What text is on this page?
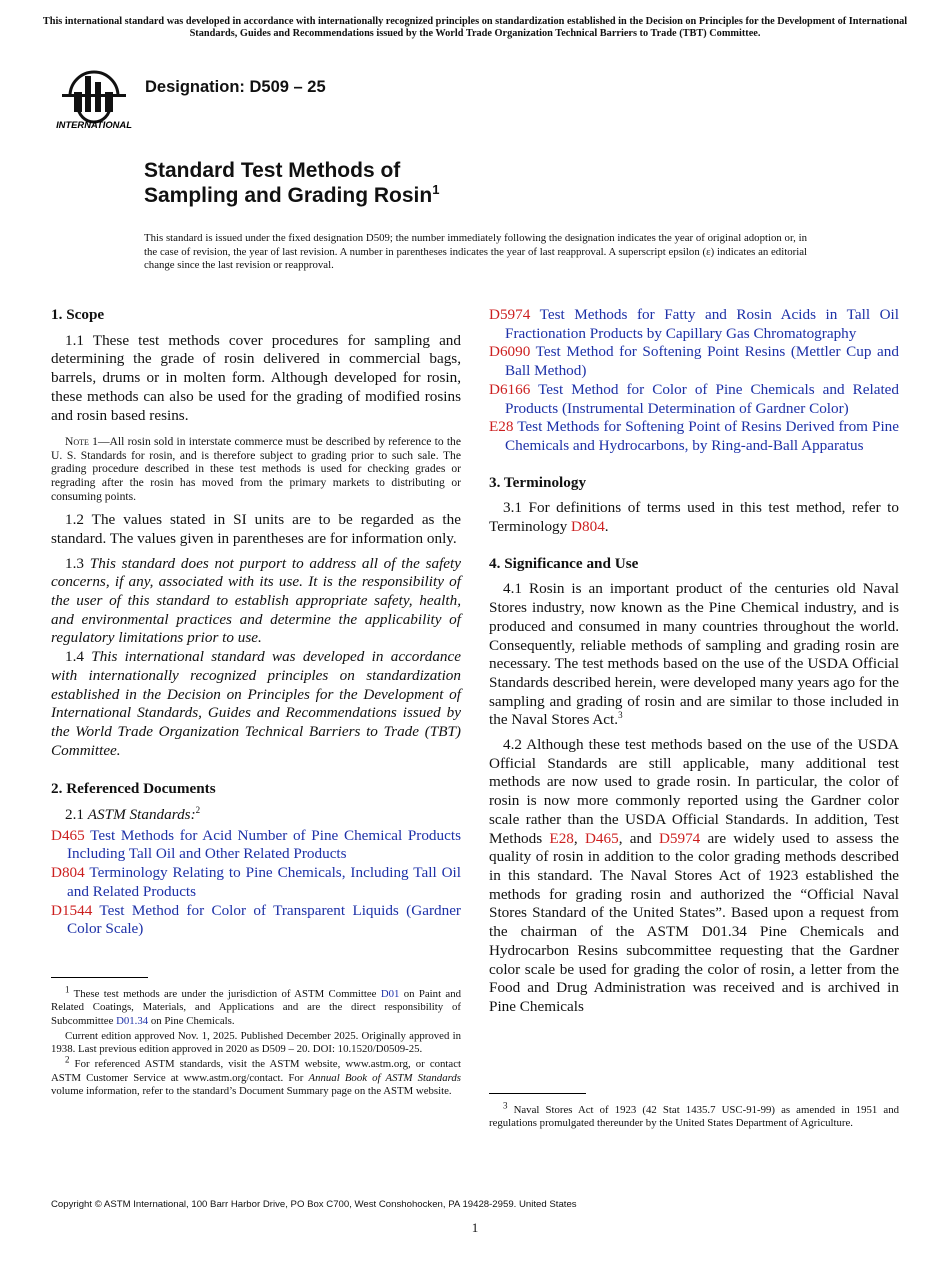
This international standard was developed in accordance with internationally recognized principles on standardization established in the Decision on Principles for the Development of International Standards, Guides and Recommendations issued by the World Trade Organization Technical Barriers to Trade (TBT) Committee.
INTERNATIONAL
Designation: D509 – 25
Standard Test Methods of
Sampling and Grading Rosin$^1$
This standard is issued under the fixed designation D509; the number immediately following the designation indicates the year of original adoption or, in the case of revision, the year of last revision. A number in parentheses indicates the year of last reapproval. A superscript epsilon (ε) indicates an editorial change since the last revision or reapproval.
1. Scope

1.1 These test methods cover procedures for sampling and determining the grade of rosin delivered in commercial bags, barrels, drums or in molten form. Although developed for rosin, these methods can also be used for the grading of modified rosins and rosin based resins.

Note 1—All rosin sold in interstate commerce must be described by reference to the U. S. Standards for rosin, and is therefore subject to grading prior to such sale. The grading procedure described in these test methods is used for checking grades or regrading after the rosin has moved from the primary markets to distributing or consuming points.

1.2 The values stated in SI units are to be regarded as the standard. The values given in parentheses are for information only.

1.3 This standard does not purport to address all of the safety concerns, if any, associated with its use. It is the responsibility of the user of this standard to establish appropriate safety, health, and environmental practices and determine the applicability of regulatory limitations prior to use.

1.4 This international standard was developed in accordance with internationally recognized principles on standardization established in the Decision on Principles for the Development of International Standards, Guides and Recommendations issued by the World Trade Organization Technical Barriers to Trade (TBT) Committee.

2. Referenced Documents

2.1 ASTM Standards:$^2$

D465 Test Methods for Acid Number of Pine Chemical Products Including Tall Oil and Other Related Products

D804 Terminology Relating to Pine Chemicals, Including Tall Oil and Related Products

D1544 Test Method for Color of Transparent Liquids (Gardner Color Scale)

D5974 Test Methods for Fatty and Rosin Acids in Tall Oil Fractionation Products by Capillary Gas Chromatography

D6090 Test Method for Softening Point Resins (Mettler Cup and Ball Method)

D6166 Test Method for Color of Pine Chemicals and Related Products (Instrumental Determination of Gardner Color)

E28 Test Methods for Softening Point of Resins Derived from Pine Chemicals and Hydrocarbons, by Ring-and-Ball Apparatus

3. Terminology

3.1 For definitions of terms used in this test method, refer to Terminology D804.

4. Significance and Use

4.1 Rosin is an important product of the centuries old Naval Stores industry, now known as the Pine Chemical industry, and is produced and consumed in many countries throughout the world. Consequently, reliable methods of sampling and grading rosin are necessary. The test methods based on the use of the USDA Official Standards described herein, were developed many years ago for the sampling and grading of rosin and are similar to those included in the Naval Stores Act.$^3$

4.2 Although these test methods based on the use of the USDA Official Standards are still applicable, many additional test methods are now used to grade rosin. In particular, the color of rosin is now more commonly reported using the Gardner color scale rather than the USDA Official Standards. In addition, Test Methods E28, D465, and D5974 are widely used to assess the quality of rosin in addition to the color grading methods described in this standard. The Naval Stores Act of 1923 established the methods for grading rosin and authorized the “Official Naval Stores Standard of the United States”. Based upon a request from the chairman of the ASTM D01.34 Pine Chemicals and Hydrocarbon Resins subcommittee requesting that the Gardner color scale be used for grading the color of rosin, a letter from the Food and Drug Administration was received and is archived in Pine Chemicals

$^1$ These test methods are under the jurisdiction of ASTM Committee D01 on Paint and Related Coatings, Materials, and Applications and are the direct responsibility of Subcommittee D01.34 on Pine Chemicals.

Current edition approved Nov. 1, 2025. Published December 2025. Originally approved in 1938. Last previous edition approved in 2020 as D509 – 20. DOI: 10.1520/D0509-25.

$^2$ For referenced ASTM standards, visit the ASTM website, www.astm.org, or contact ASTM Customer Service at www.astm.org/contact. For Annual Book of ASTM Standards volume information, refer to the standard’s Document Summary page on the ASTM website.

$^3$ Naval Stores Act of 1923 (42 Stat 1435.7 USC-91-99) as amended in 1951 and regulations promulgated thereunder by the United States Department of Agriculture.

Copyright © ASTM International, 100 Barr Harbor Drive, PO Box C700, West Conshohocken, PA 19428-2959. United States
1
